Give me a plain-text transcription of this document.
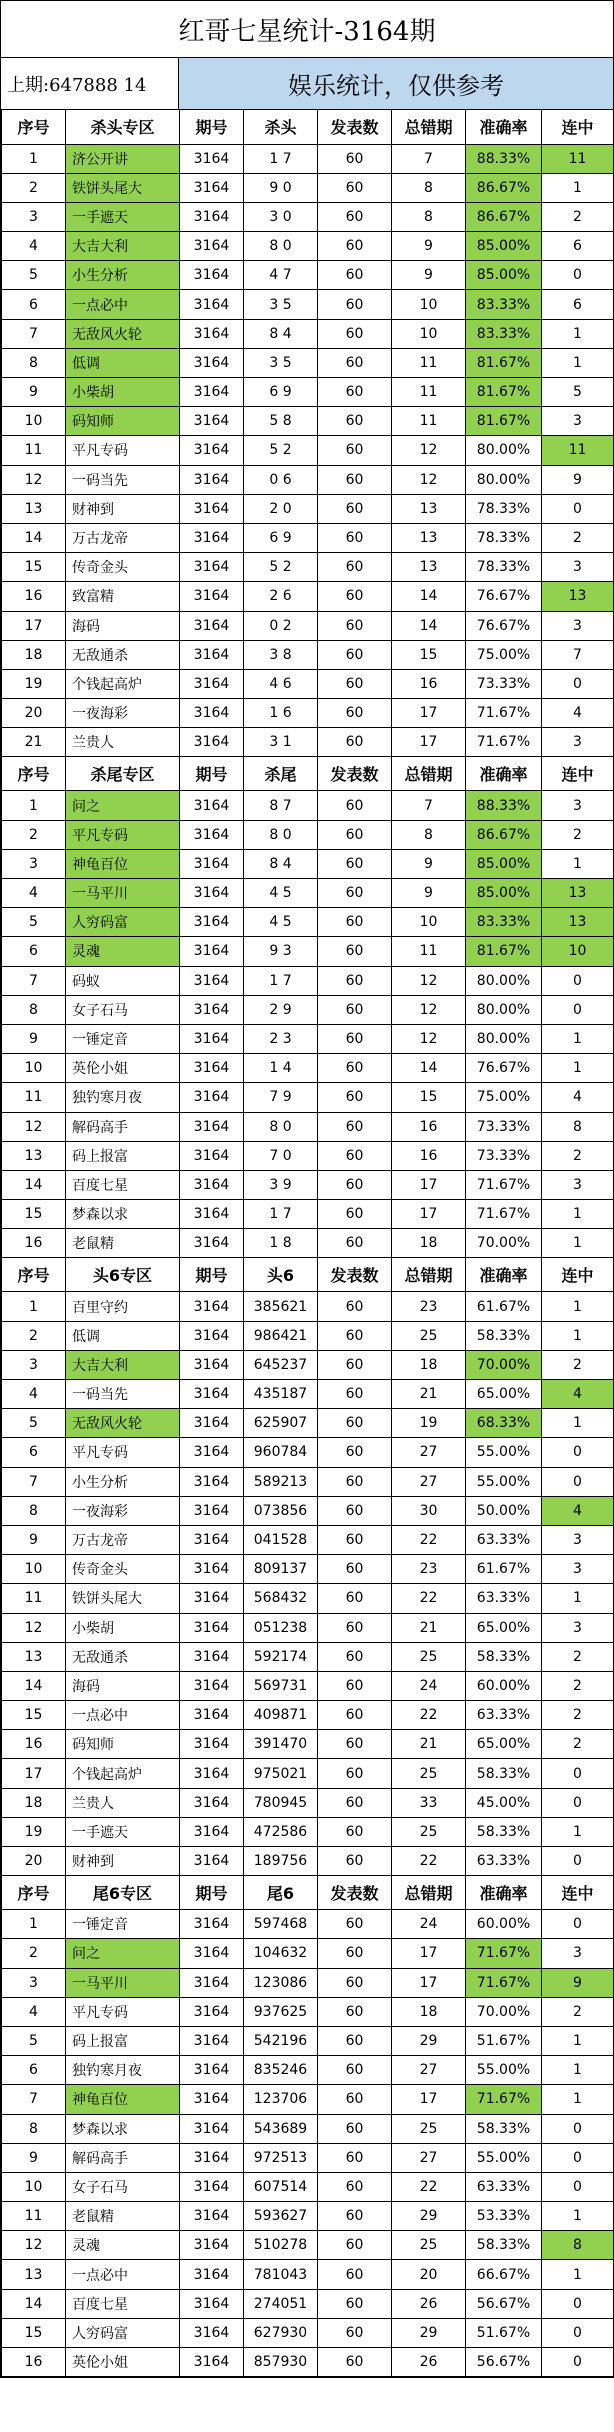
红哥七星统计-3164期
上期:647888 14	娱乐统计，仅供参考
序号	杀头专区	期号	杀头	发表数	总错期	准确率	连中
1	济公开讲	3164	1 7	60	7	88.33%	11
2	铁饼头尾大	3164	9 0	60	8	86.67%	1
3	一手遮天	3164	3 0	60	8	86.67%	2
4	大吉大利	3164	8 0	60	9	85.00%	6
5	小生分析	3164	4 7	60	9	85.00%	0
6	一点必中	3164	3 5	60	10	83.33%	6
7	无敌风火轮	3164	8 4	60	10	83.33%	1
8	低调	3164	3 5	60	11	81.67%	1
9	小柴胡	3164	6 9	60	11	81.67%	5
10	码知师	3164	5 8	60	11	81.67%	3
11	平凡专码	3164	5 2	60	12	80.00%	11
12	一码当先	3164	0 6	60	12	80.00%	9
13	财神到	3164	2 0	60	13	78.33%	0
14	万古龙帝	3164	6 9	60	13	78.33%	2
15	传奇金头	3164	5 2	60	13	78.33%	3
16	致富精	3164	2 6	60	14	76.67%	13
17	海码	3164	0 2	60	14	76.67%	3
18	无敌通杀	3164	3 8	60	15	75.00%	7
19	个钱起高炉	3164	4 6	60	16	73.33%	0
20	一夜海彩	3164	1 6	60	17	71.67%	4
21	兰贵人	3164	3 1	60	17	71.67%	3
序号	杀尾专区	期号	杀尾	发表数	总错期	准确率	连中
1	问之	3164	8 7	60	7	88.33%	3
2	平凡专码	3164	8 0	60	8	86.67%	2
3	神龟百位	3164	8 4	60	9	85.00%	1
4	一马平川	3164	4 5	60	9	85.00%	13
5	人穷码富	3164	4 5	60	10	83.33%	13
6	灵魂	3164	9 3	60	11	81.67%	10
7	码蚁	3164	1 7	60	12	80.00%	0
8	女子石马	3164	2 9	60	12	80.00%	0
9	一锤定音	3164	2 3	60	12	80.00%	1
10	英伦小姐	3164	1 4	60	14	76.67%	1
11	独钓寒月夜	3164	7 9	60	15	75.00%	4
12	解码高手	3164	8 0	60	16	73.33%	8
13	码上报富	3164	7 0	60	16	73.33%	2
14	百度七星	3164	3 9	60	17	71.67%	3
15	梦森以求	3164	1 7	60	17	71.67%	1
16	老鼠精	3164	1 8	60	18	70.00%	1
序号	头6专区	期号	头6	发表数	总错期	准确率	连中
1	百里守约	3164	385621	60	23	61.67%	1
2	低调	3164	986421	60	25	58.33%	1
3	大吉大利	3164	645237	60	18	70.00%	2
4	一码当先	3164	435187	60	21	65.00%	4
5	无敌风火轮	3164	625907	60	19	68.33%	1
6	平凡专码	3164	960784	60	27	55.00%	0
7	小生分析	3164	589213	60	27	55.00%	0
8	一夜海彩	3164	073856	60	30	50.00%	4
9	万古龙帝	3164	041528	60	22	63.33%	3
10	传奇金头	3164	809137	60	23	61.67%	3
11	铁饼头尾大	3164	568432	60	22	63.33%	1
12	小柴胡	3164	051238	60	21	65.00%	3
13	无敌通杀	3164	592174	60	25	58.33%	2
14	海码	3164	569731	60	24	60.00%	2
15	一点必中	3164	409871	60	22	63.33%	2
16	码知师	3164	391470	60	21	65.00%	2
17	个钱起高炉	3164	975021	60	25	58.33%	0
18	兰贵人	3164	780945	60	33	45.00%	0
19	一手遮天	3164	472586	60	25	58.33%	1
20	财神到	3164	189756	60	22	63.33%	0
序号	尾6专区	期号	尾6	发表数	总错期	准确率	连中
1	一锤定音	3164	597468	60	24	60.00%	0
2	问之	3164	104632	60	17	71.67%	3
3	一马平川	3164	123086	60	17	71.67%	9
4	平凡专码	3164	937625	60	18	70.00%	2
5	码上报富	3164	542196	60	29	51.67%	1
6	独钓寒月夜	3164	835246	60	27	55.00%	1
7	神龟百位	3164	123706	60	17	71.67%	1
8	梦森以求	3164	543689	60	25	58.33%	0
9	解码高手	3164	972513	60	27	55.00%	0
10	女子石马	3164	607514	60	22	63.33%	0
11	老鼠精	3164	593627	60	29	53.33%	1
12	灵魂	3164	510278	60	25	58.33%	8
13	一点必中	3164	781043	60	20	66.67%	1
14	百度七星	3164	274051	60	26	56.67%	0
15	人穷码富	3164	627930	60	29	51.67%	0
16	英伦小姐	3164	857930	60	26	56.67%	0
